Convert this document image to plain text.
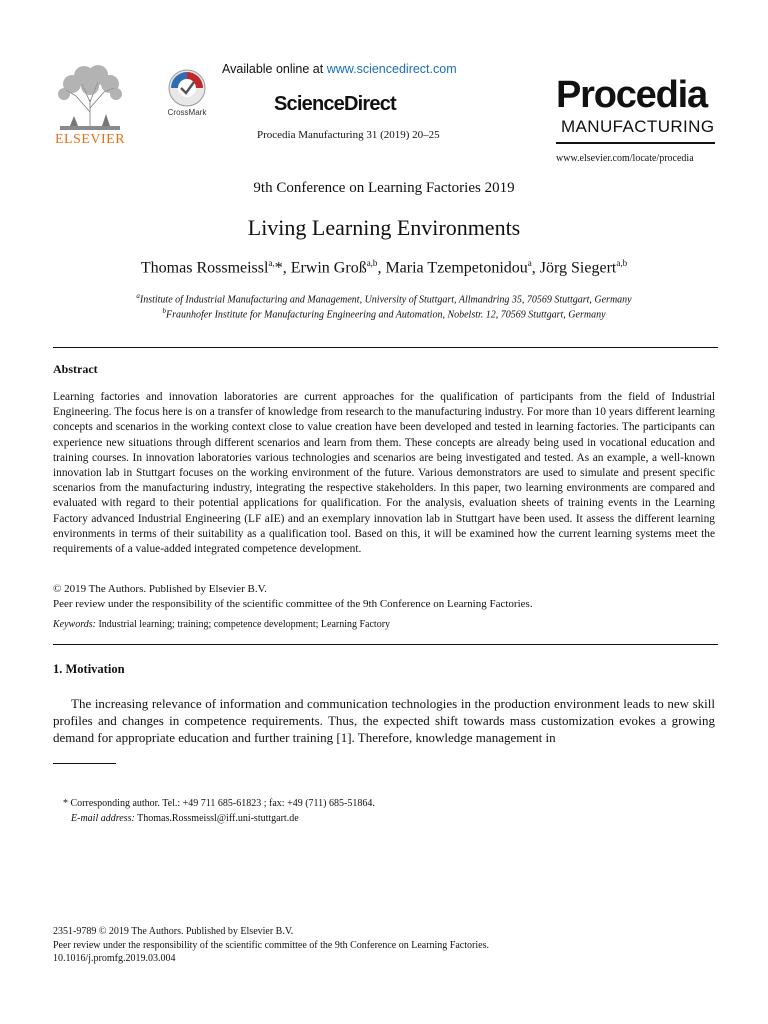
ELSEVIER
CrossMark
Available online at www.sciencedirect.com
ScienceDirect
Procedia Manufacturing 31 (2019) 20–25
Procedia
MANUFACTURING
www.elsevier.com/locate/procedia
9th Conference on Learning Factories 2019
Living Learning Environments
Thomas Rossmeissl$^{a,}$*, Erwin Groß$^{a,b}$, Maria Tzempetonidou$^a$, Jörg Siegert$^{a,b}$
$^a$Institute of Industrial Manufacturing and Management, University of Stuttgart, Allmandring 35, 70569 Stuttgart, Germany
$^b$Fraunhofer Institute for Manufacturing Engineering and Automation, Nobelstr. 12, 70569 Stuttgart, Germany
Abstract
Learning factories and innovation laboratories are current approaches for the qualification of participants from the field of Industrial Engineering. The focus here is on a transfer of knowledge from research to the manufacturing industry. For more than 10 years different learning concepts and scenarios in the working context close to value creation have been developed and tested in learning factories. The participants can experience new situations through different scenarios and learn from them. These concepts are already being used in vocational education and training courses. In innovation laboratories various technologies and scenarios are being investigated and tested. As an example, a well-known innovation lab in Stuttgart focuses on the working environment of the future. Various demonstrators are used to simulate and present specific scenarios from the manufacturing industry, integrating the respective stakeholders. In this paper, two learning environments are compared and evaluated with regard to their potential applications for qualification. For the analysis, evaluation sheets of training events in the Learning Factory advanced Industrial Engineering (LF aIE) and an exemplary innovation lab in Stuttgart have been used. It assess the different learning environments in terms of their suitability as a qualification tool. Based on this, it will be examined how the current learning systems meet the requirements of a value-added integrated competence development.
© 2019 The Authors. Published by Elsevier B.V.
Peer review under the responsibility of the scientific committee of the 9th Conference on Learning Factories.
Keywords: Industrial learning; training; competence development; Learning Factory
1. Motivation
The increasing relevance of information and communication technologies in the production environment leads to new skill profiles and changes in competence requirements. Thus, the expected shift towards mass customization evokes a growing demand for appropriate education and further training [1]. Therefore, knowledge management in
* Corresponding author. Tel.: +49 711 685-61823 ; fax: +49 (711) 685-51864.
E-mail address: Thomas.Rossmeissl@iff.uni-stuttgart.de
2351-9789 © 2019 The Authors. Published by Elsevier B.V.
Peer review under the responsibility of the scientific committee of the 9th Conference on Learning Factories.
10.1016/j.promfg.2019.03.004
